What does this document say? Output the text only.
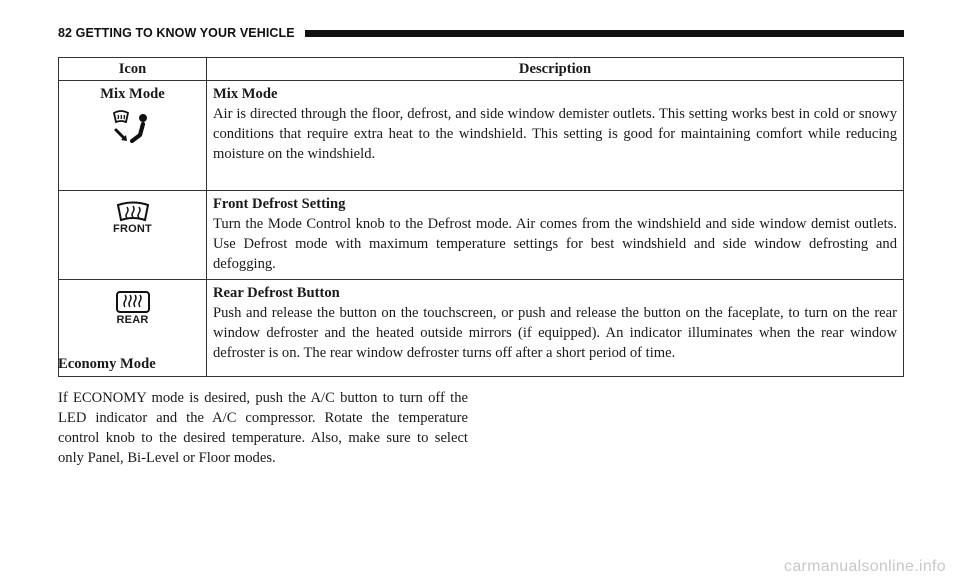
82 GETTING TO KNOW YOUR VEHICLE
Icon	Description

Mix Mode	Mix Mode
Air is directed through the floor, defrost, and side window demister outlets. This setting works best in cold or snowy conditions that require extra heat to the windshield. This setting is good for maintaining comfort while reducing moisture on the windshield.

FRONT	Front Defrost Setting
Turn the Mode Control knob to the Defrost mode. Air comes from the windshield and side window demist outlets. Use Defrost mode with maximum temperature settings for best windshield and side window defrosting and defogging.

REAR	Rear Defrost Button
Push and release the button on the touchscreen, or push and release the button on the faceplate, to turn on the rear window defroster and the heated outside mirrors (if equipped). An indicator illuminates when the rear window defroster is on. The rear window defroster turns off after a short period of time.
Economy Mode
If ECONOMY mode is desired, push the A/C button to turn off the LED indicator and the A/C compressor. Rotate the temperature control knob to the desired temperature. Also, make sure to select only Panel, Bi-Level or Floor modes.
carmanualsonline.info
